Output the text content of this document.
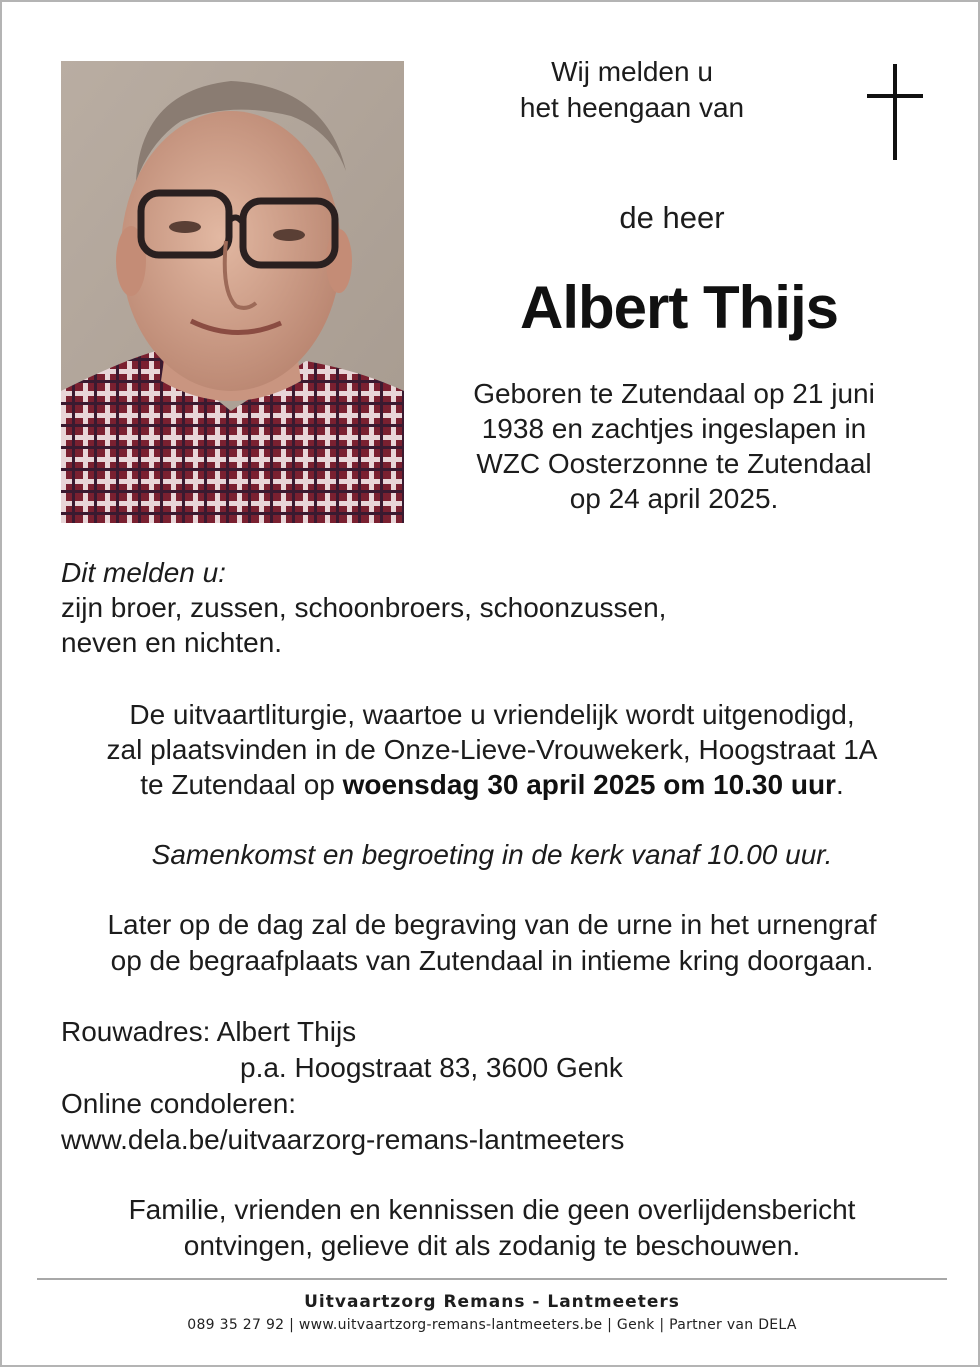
Wij melden u
het heengaan van
de heer
Albert Thijs
Geboren te Zutendaal op 21 juni
1938 en zachtjes ingeslapen in
WZC Oosterzonne te Zutendaal
op 24 april 2025.
Dit melden u:
zijn broer, zussen, schoonbroers, schoonzussen,
neven en nichten.
De uitvaartliturgie, waartoe u vriendelijk wordt uitgenodigd,
zal plaatsvinden in de Onze-Lieve-Vrouwekerk, Hoogstraat 1A
te Zutendaal op woensdag 30 april 2025 om 10.30 uur.
Samenkomst en begroeting in de kerk vanaf 10.00 uur.
Later op de dag zal de begraving van de urne in het urnengraf
op de begraafplaats van Zutendaal in intieme kring doorgaan.
Rouwadres: Albert Thijs
p.a. Hoogstraat 83, 3600 Genk
Online condoleren:
www.dela.be/uitvaarzorg-remans-lantmeeters
Familie, vrienden en kennissen die geen overlijdensbericht
ontvingen, gelieve dit als zodanig te beschouwen.
Uitvaartzorg Remans - Lantmeeters
089 35 27 92 | www.uitvaartzorg-remans-lantmeeters.be | Genk | Partner van DELA
